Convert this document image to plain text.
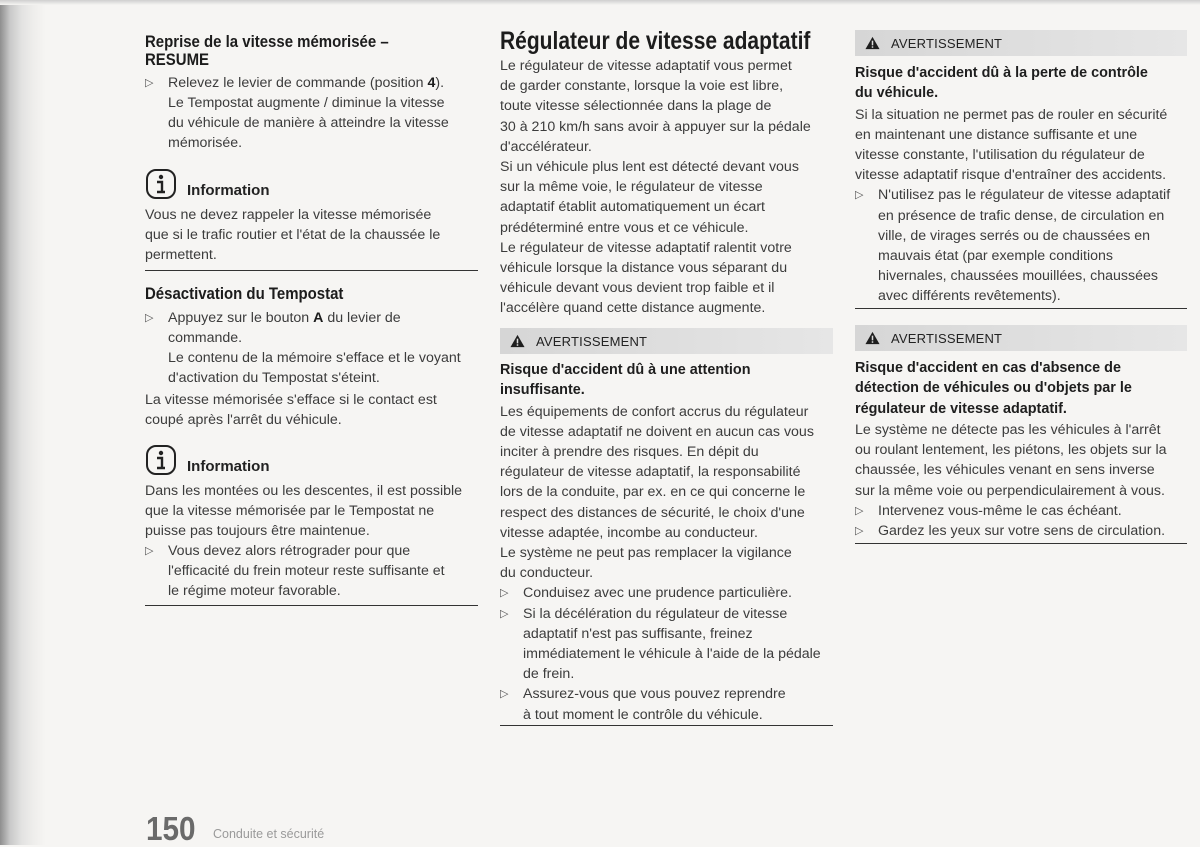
Reprise de la vitesse mémorisée –
RESUME
▷	Relevez le levier de commande (position 4).
Le Tempostat augmente / diminue la vitesse
du véhicule de manière à atteindre la vitesse
mémorisée.
Information

Vous ne devez rappeler la vitesse mémorisée

que si le trafic routier et l'état de la chaussée le

permettent.

Désactivation du Tempostat
▷	Appuyez sur le bouton A du levier de
commande.
Le contenu de la mémoire s'efface et le voyant
d'activation du Tempostat s'éteint.

La vitesse mémorisée s'efface si le contact est

coupé après l'arrêt du véhicule.

Information

Dans les montées ou les descentes, il est possible

que la vitesse mémorisée par le Tempostat ne

puisse pas toujours être maintenue.

▷	Vous devez alors rétrograder pour que
l'efficacité du frein moteur reste suffisante et
le régime moteur favorable.
Régulateur de vitesse adaptatif
Le régulateur de vitesse adaptatif vous permet
de garder constante, lorsque la voie est libre,
toute vitesse sélectionnée dans la plage de
30 à 210 km/h sans avoir à appuyer sur la pédale
d'accélérateur.
Si un véhicule plus lent est détecté devant vous
sur la même voie, le régulateur de vitesse
adaptatif établit automatiquement un écart
prédéterminé entre vous et ce véhicule.
Le régulateur de vitesse adaptatif ralentit votre
véhicule lorsque la distance vous séparant du
véhicule devant vous devient trop faible et il
l'accélère quand cette distance augmente.
AVERTISSEMENT
Risque d'accident dû à une attention
insuffisante.
Les équipements de confort accrus du régulateur
de vitesse adaptatif ne doivent en aucun cas vous
inciter à prendre des risques. En dépit du
régulateur de vitesse adaptatif, la responsabilité
lors de la conduite, par ex. en ce qui concerne le
respect des distances de sécurité, le choix d'une
vitesse adaptée, incombe au conducteur.
Le système ne peut pas remplacer la vigilance
du conducteur.
▷	Conduisez avec une prudence particulière.
▷	Si la décélération du régulateur de vitesse
adaptatif n'est pas suffisante, freinez
immédiatement le véhicule à l'aide de la pédale
de frein.
▷	Assurez-vous que vous pouvez reprendre
à tout moment le contrôle du véhicule.
AVERTISSEMENT
Risque d'accident dû à la perte de contrôle
du véhicule.
Si la situation ne permet pas de rouler en sécurité
en maintenant une distance suffisante et une
vitesse constante, l'utilisation du régulateur de
vitesse adaptatif risque d'entraîner des accidents.
▷	N'utilisez pas le régulateur de vitesse adaptatif
en présence de trafic dense, de circulation en
ville, de virages serrés ou de chaussées en
mauvais état (par exemple conditions
hivernales, chaussées mouillées, chaussées
avec différents revêtements).
AVERTISSEMENT
Risque d'accident en cas d'absence de
détection de véhicules ou d'objets par le
régulateur de vitesse adaptatif.
Le système ne détecte pas les véhicules à l'arrêt
ou roulant lentement, les piétons, les objets sur la
chaussée, les véhicules venant en sens inverse
sur la même voie ou perpendiculairement à vous.
▷	Intervenez vous-même le cas échéant.
▷	Gardez les yeux sur votre sens de circulation.
150 Conduite et sécurité
